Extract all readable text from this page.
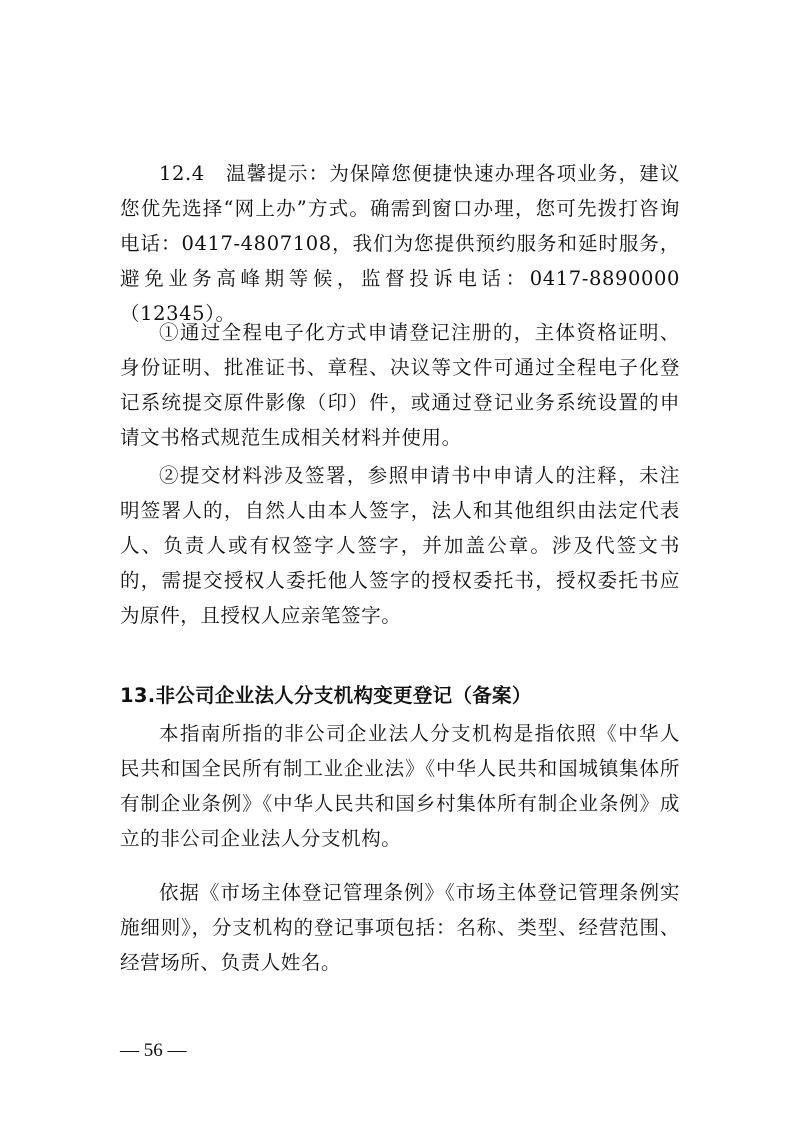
12.4　温馨提示：为保障您便捷快速办理各项业务，建议您优先选择“网上办”方式。确需到窗口办理，您可先拨打咨询电话：0417-4807108，我们为您提供预约服务和延时服务，避免业务高峰期等候，监督投诉电话：0417-8890000（12345）。

①通过全程电子化方式申请登记注册的，主体资格证明、身份证明、批准证书、章程、决议等文件可通过全程电子化登记系统提交原件影像（印）件，或通过登记业务系统设置的申请文书格式规范生成相关材料并使用。

②提交材料涉及签署，参照申请书中申请人的注释，未注明签署人的，自然人由本人签字，法人和其他组织由法定代表人、负责人或有权签字人签字，并加盖公章。涉及代签文书的，需提交授权人委托他人签字的授权委托书，授权委托书应为原件，且授权人应亲笔签字。

13.非公司企业法人分支机构变更登记（备案）

本指南所指的非公司企业法人分支机构是指依照《中华人民共和国全民所有制工业企业法》《中华人民共和国城镇集体所有制企业条例》《中华人民共和国乡村集体所有制企业条例》成立的非公司企业法人分支机构。

依据《市场主体登记管理条例》《市场主体登记管理条例实施细则》，分支机构的登记事项包括：名称、类型、经营范围、经营场所、负责人姓名。

— 56 —
